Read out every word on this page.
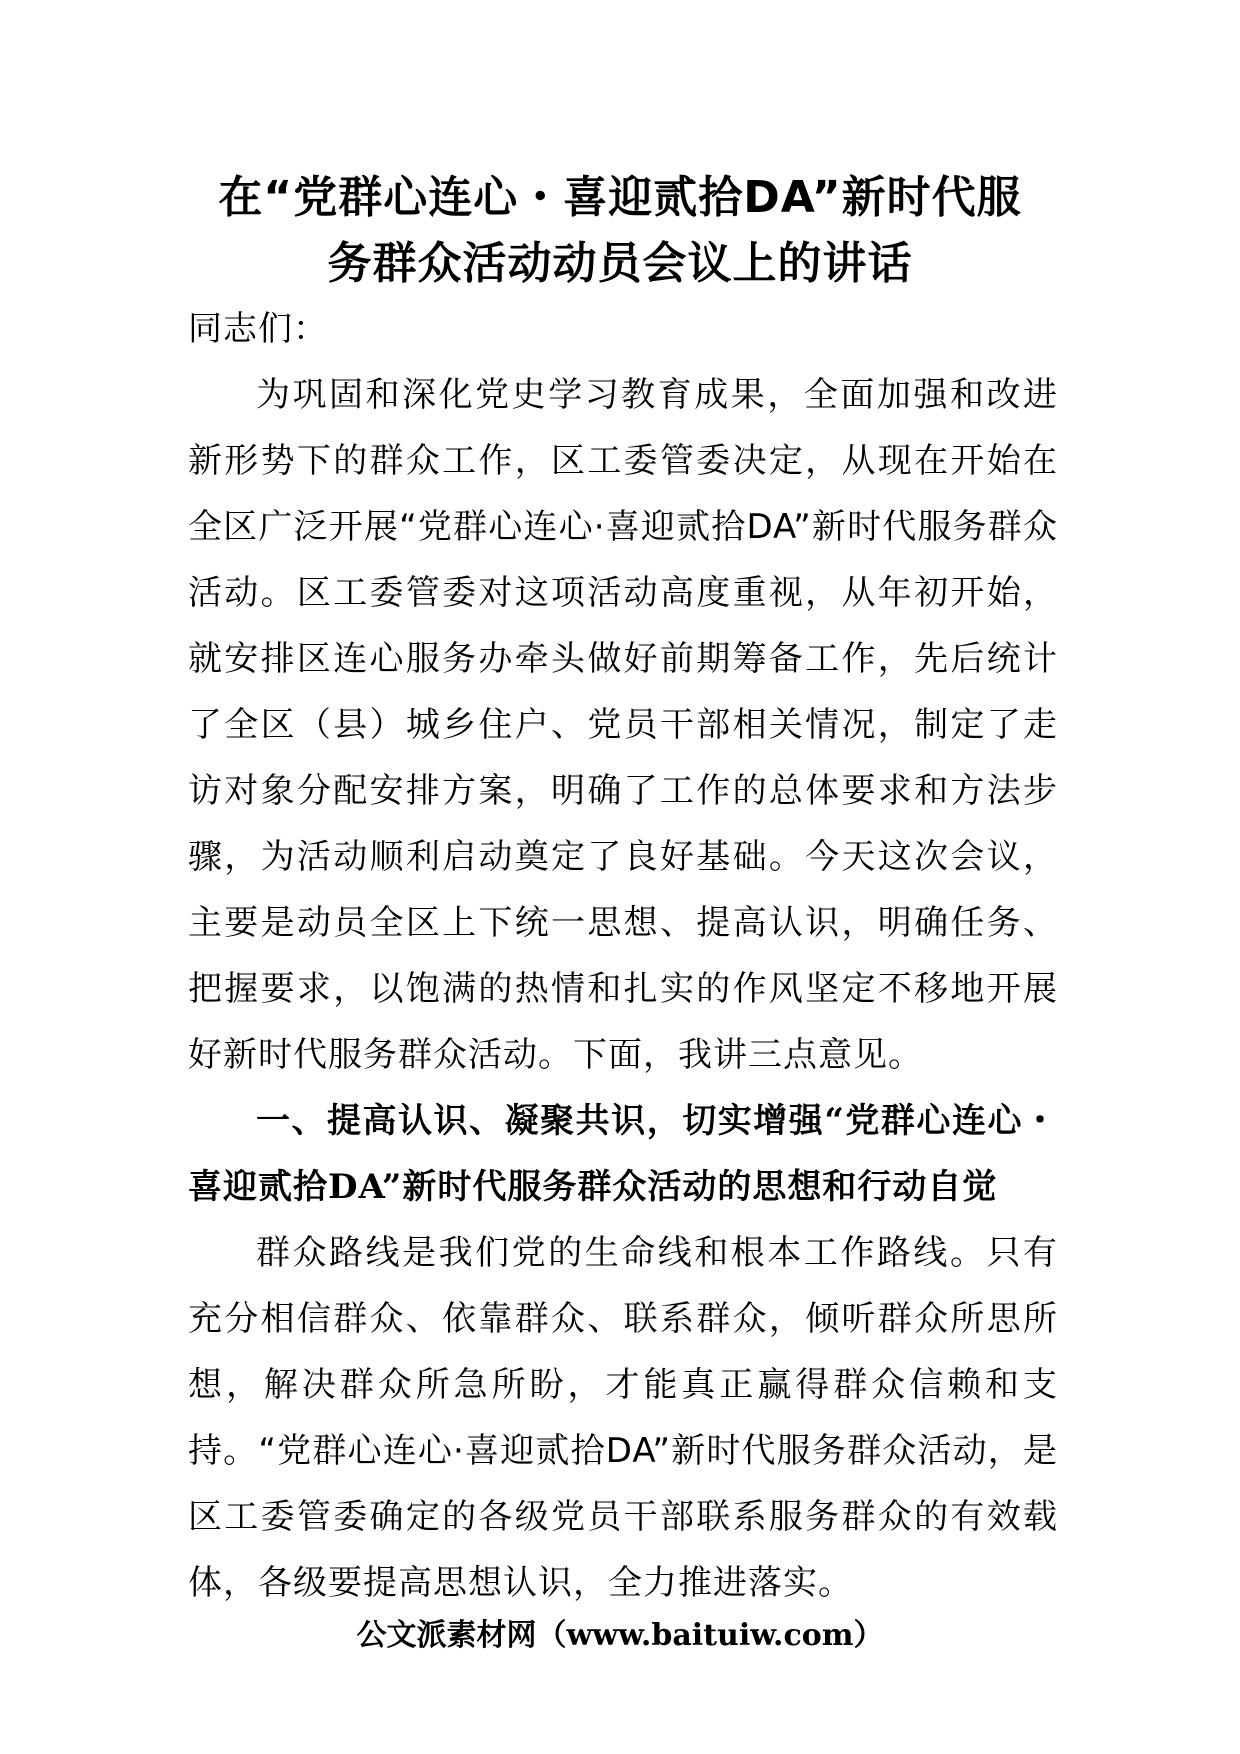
在“党群心连心・喜迎贰拾DA”新时代服
务群众活动动员会议上的讲话

同志们：

为巩固和深化党史学习教育成果，全面加强和改进新形势下的群众工作，区工委管委决定，从现在开始在全区广泛开展“党群心连心·喜迎贰拾DA”新时代服务群众活动。区工委管委对这项活动高度重视，从年初开始，就安排区连心服务办牵头做好前期筹备工作，先后统计了全区（县）城乡住户、党员干部相关情况，制定了走访对象分配安排方案，明确了工作的总体要求和方法步骤，为活动顺利启动奠定了良好基础。今天这次会议，主要是动员全区上下统一思想、提高认识，明确任务、把握要求，以饱满的热情和扎实的作风坚定不移地开展好新时代服务群众活动。下面，我讲三点意见。

一、提高认识、凝聚共识，切实增强“党群心连心・喜迎贰拾DA”新时代服务群众活动的思想和行动自觉

群众路线是我们党的生命线和根本工作路线。只有充分相信群众、依靠群众、联系群众，倾听群众所思所想，解决群众所急所盼，才能真正赢得群众信赖和支持。“党群心连心·喜迎贰拾DA”新时代服务群众活动，是区工委管委确定的各级党员干部联系服务群众的有效载体，各级要提高思想认识，全力推进落实。

公文派素材网（www.baituiw.com）
